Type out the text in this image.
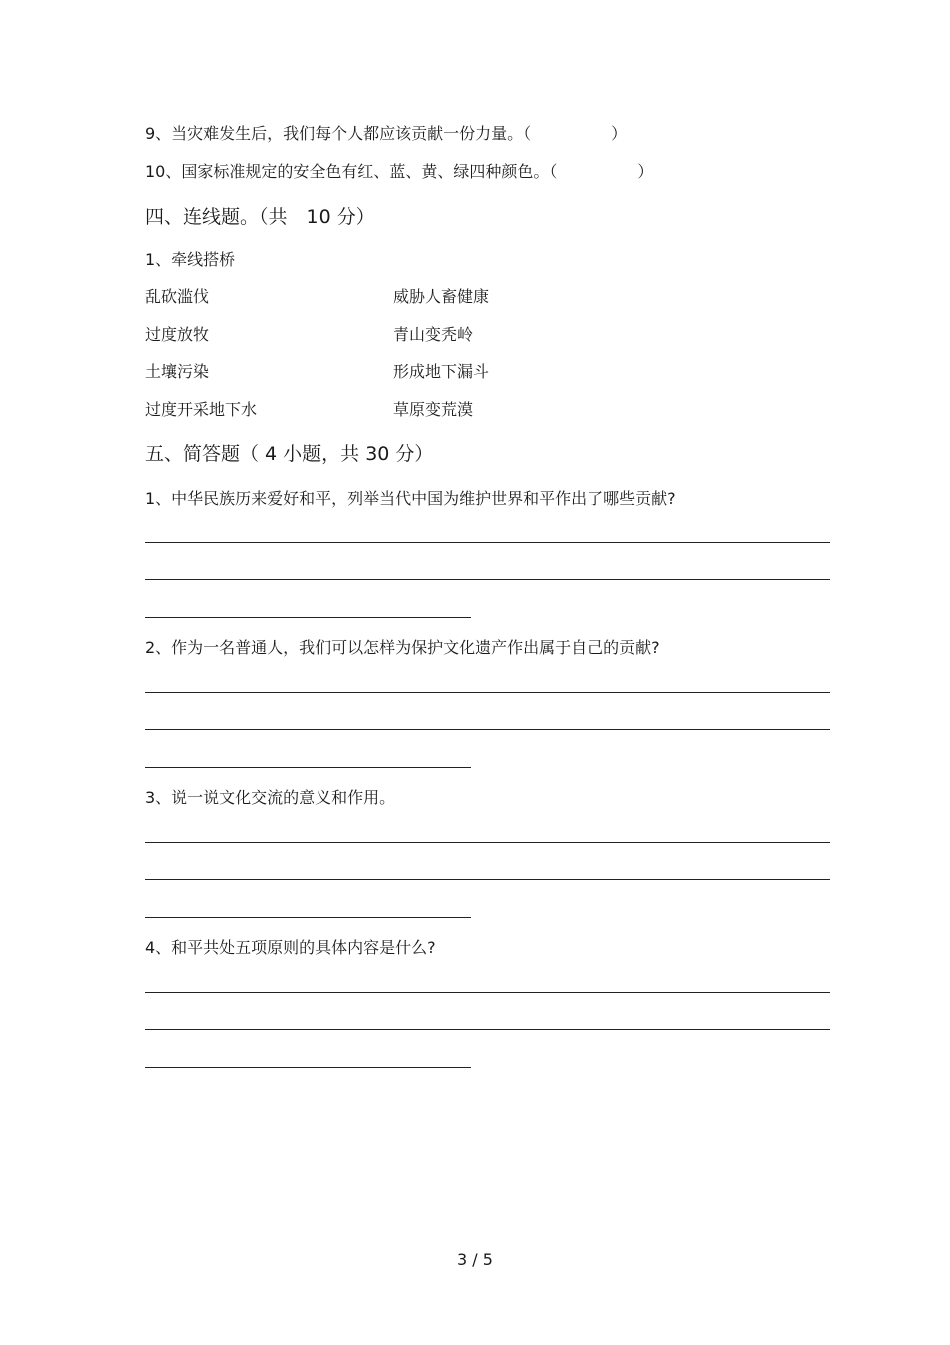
9、当灾难发生后，我们每个人都应该贡献一份力量。（　　　　　）
10、国家标准规定的安全色有红、蓝、黄、绿四种颜色。（　　　　　）
四、连线题。（共　10 分）
1、牵线搭桥
乱砍滥伐	威胁人畜健康
过度放牧	青山变秃岭
土壤污染	形成地下漏斗
过度开采地下水	草原变荒漠
五、简答题（ 4 小题，共 30 分）
1、中华民族历来爱好和平，列举当代中国为维护世界和平作出了哪些贡献?
2、作为一名普通人，我们可以怎样为保护文化遗产作出属于自己的贡献?
3、说一说文化交流的意义和作用。
4、和平共处五项原则的具体内容是什么?
3 / 5
